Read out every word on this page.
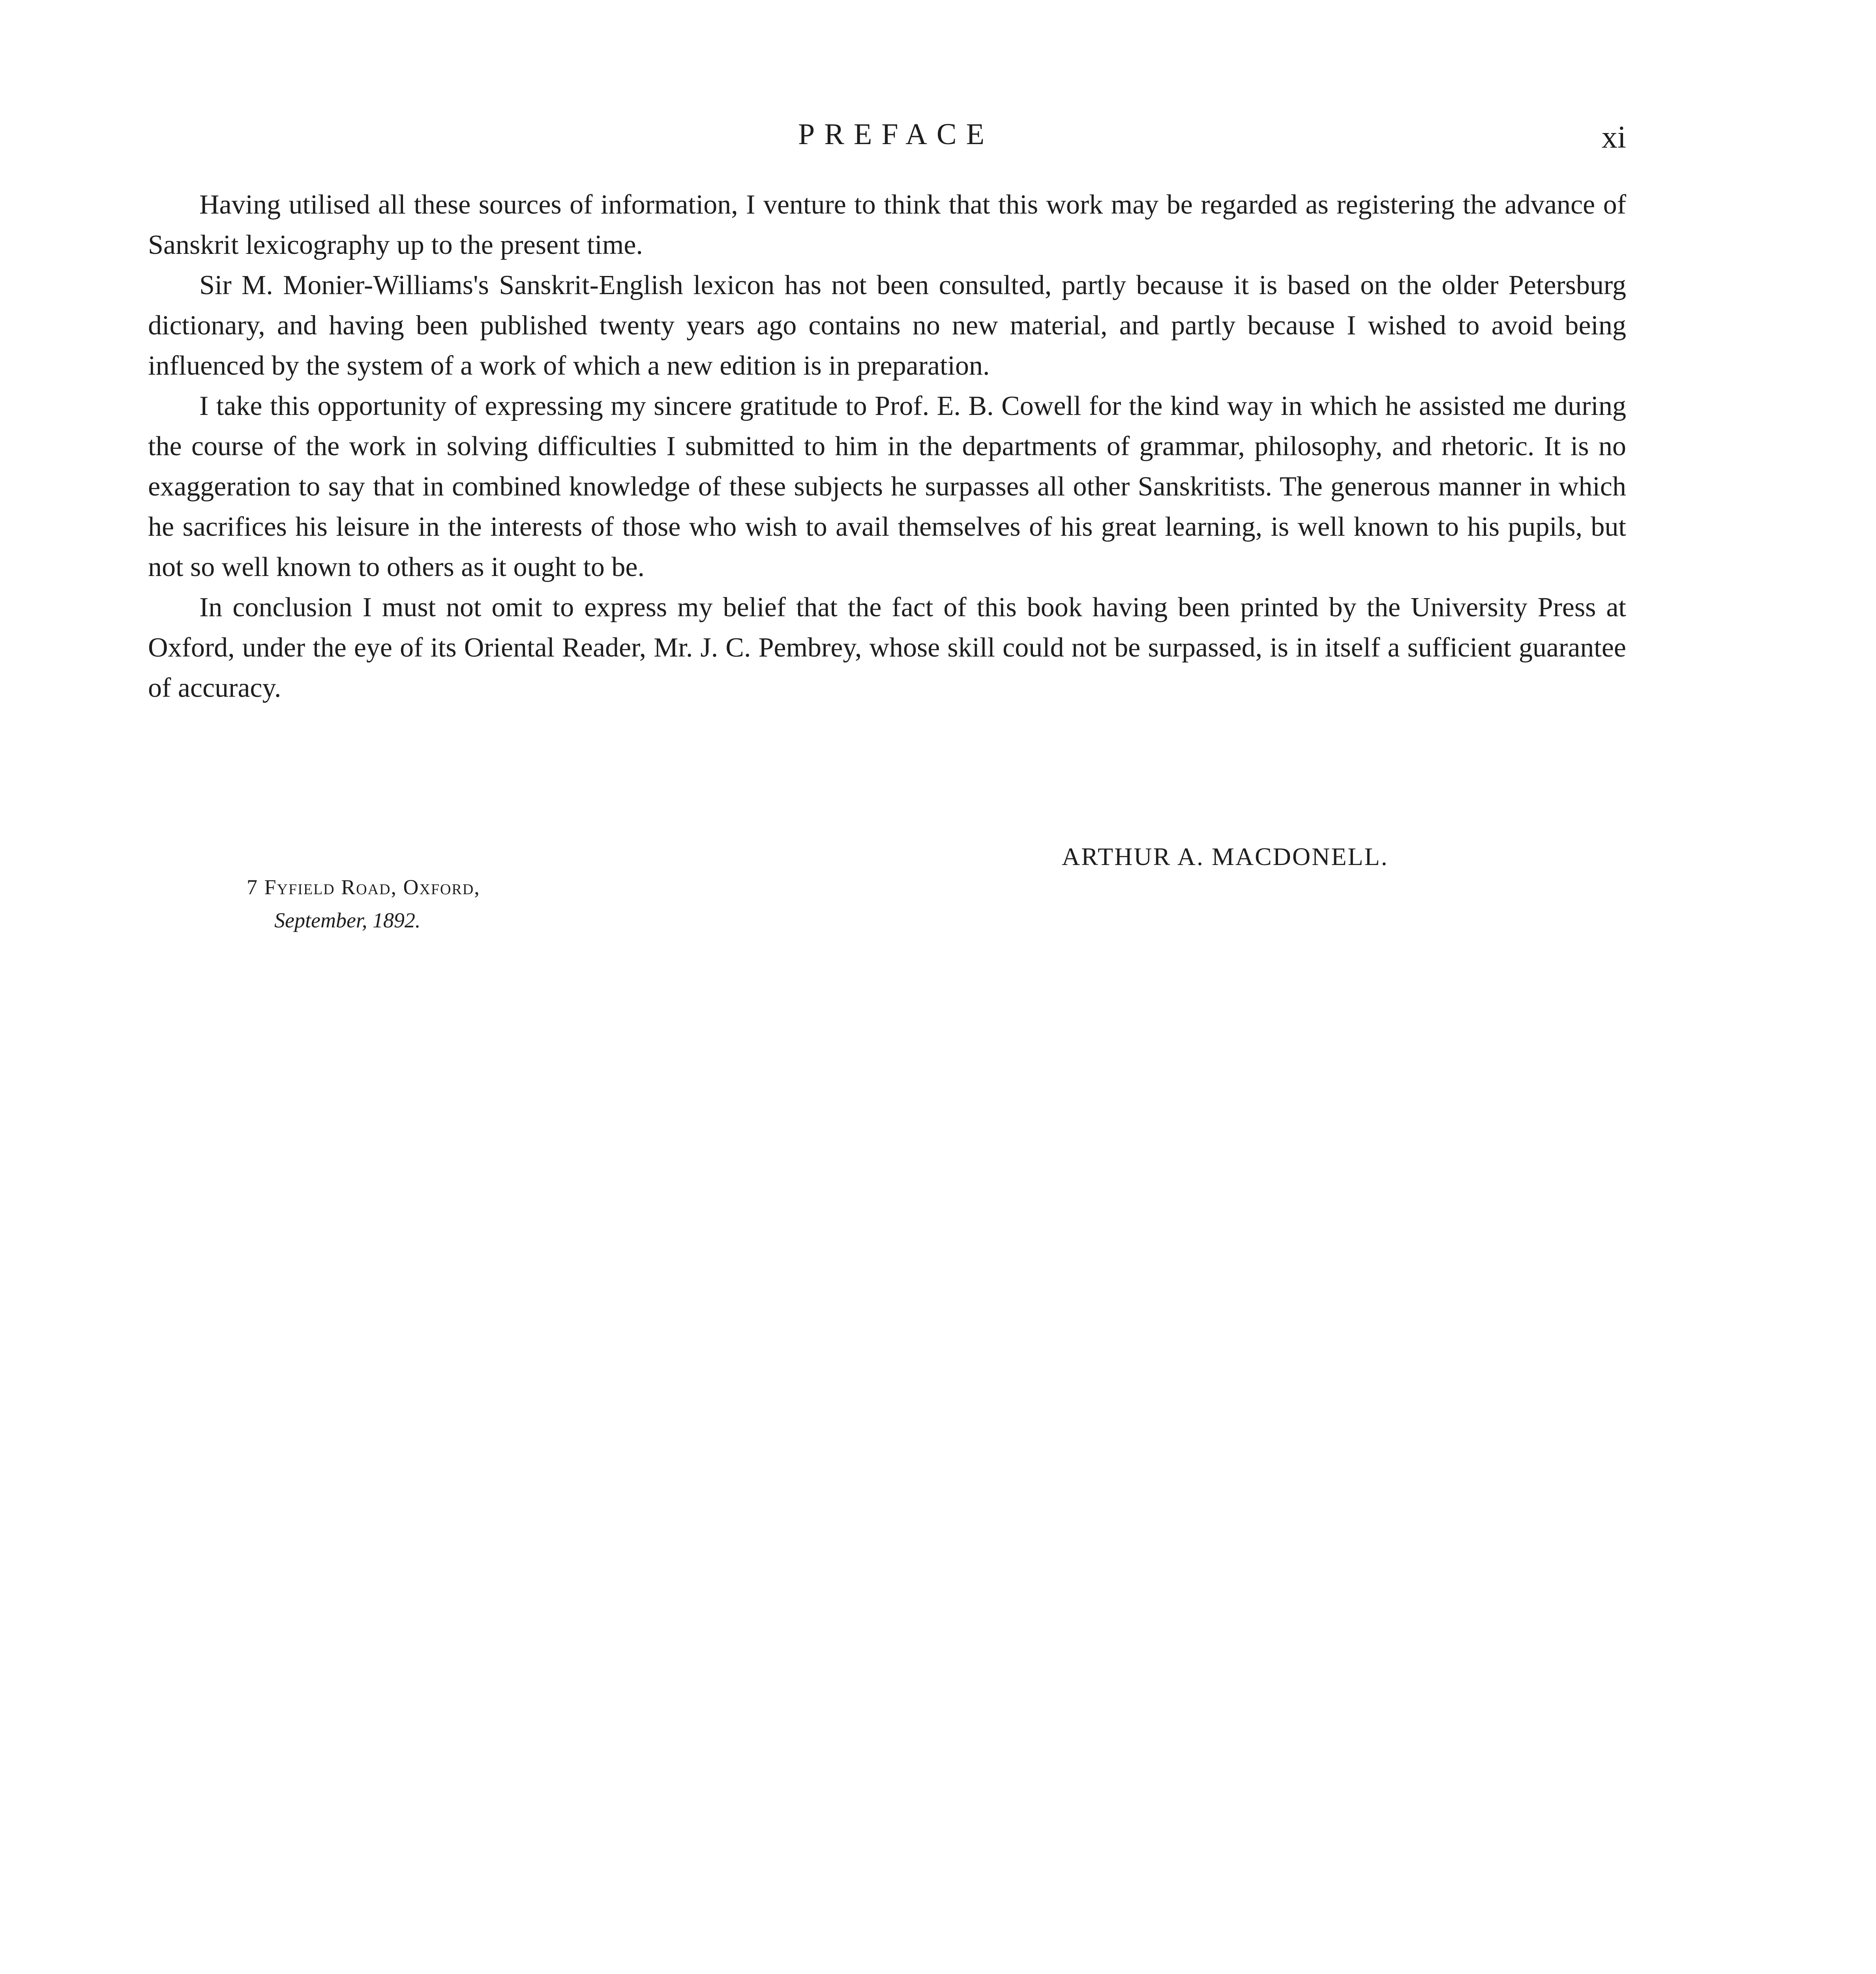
PREFACE	xi

Having utilised all these sources of information, I venture to think that this work may be regarded as registering the advance of Sanskrit lexicography up to the present time.

Sir M. Monier-Williams's Sanskrit-English lexicon has not been consulted, partly because it is based on the older Petersburg dictionary, and having been published twenty years ago contains no new material, and partly because I wished to avoid being influenced by the system of a work of which a new edition is in preparation.

I take this opportunity of expressing my sincere gratitude to Prof. E. B. Cowell for the kind way in which he assisted me during the course of the work in solving difficulties I submitted to him in the departments of grammar, philosophy, and rhetoric. It is no exaggeration to say that in combined knowledge of these subjects he surpasses all other Sanskritists. The generous manner in which he sacrifices his leisure in the interests of those who wish to avail themselves of his great learning, is well known to his pupils, but not so well known to others as it ought to be.

In conclusion I must not omit to express my belief that the fact of this book having been printed by the University Press at Oxford, under the eye of its Oriental Reader, Mr. J. C. Pembrey, whose skill could not be surpassed, is in itself a sufficient guarantee of accuracy.

ARTHUR A. MACDONELL.
7 Fyfield Road, Oxford,
September, 1892.
